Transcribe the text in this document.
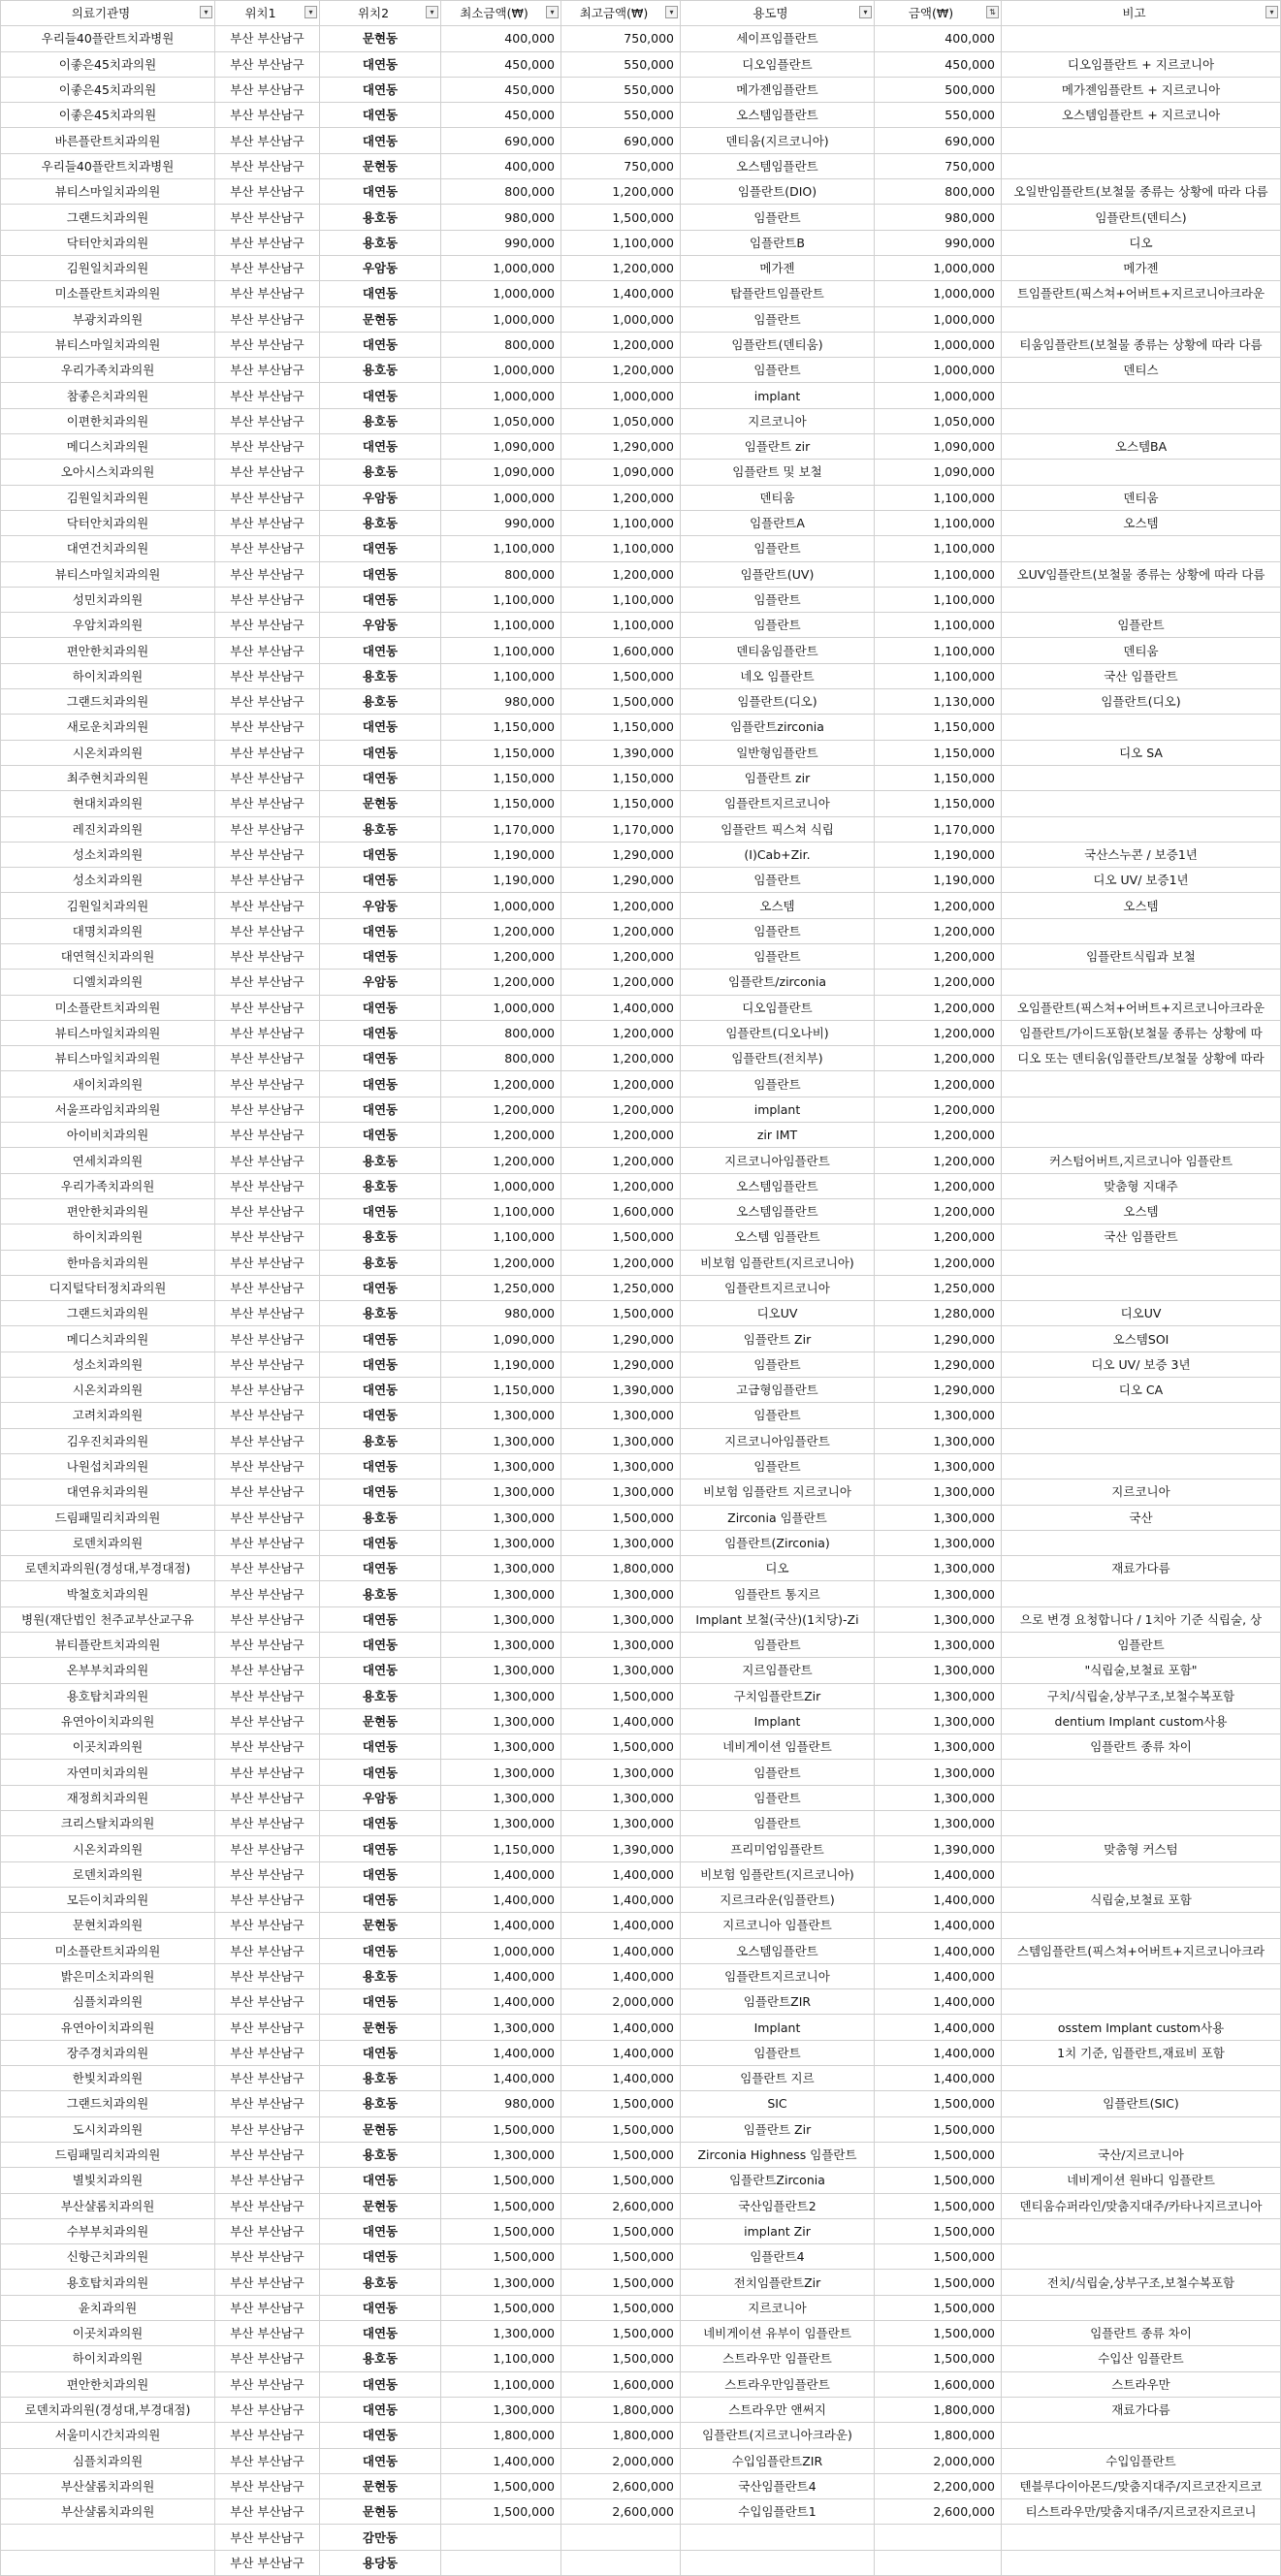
의료기관명 ▾	위치1 ▾	위치2 ▾	최소금액(₩) ▾	최고금액(₩) ▾	용도명 ▾	금액(₩) ⇅	비고 ▾

우리들40플란트치과병원	부산 부산남구	문현동	400,000	750,000	세이프임플란트	400,000	
이좋은45치과의원	부산 부산남구	대연동	450,000	550,000	디오임플란트	450,000	디오임플란트 + 지르코니아
이좋은45치과의원	부산 부산남구	대연동	450,000	550,000	메가젠임플란트	500,000	메가젠임플란트 + 지르코니아
이좋은45치과의원	부산 부산남구	대연동	450,000	550,000	오스템임플란트	550,000	오스템임플란트 + 지르코니아
바른플란트치과의원	부산 부산남구	대연동	690,000	690,000	덴티움(지르코니아)	690,000	
우리들40플란트치과병원	부산 부산남구	문현동	400,000	750,000	오스템임플란트	750,000	
뷰티스마일치과의원	부산 부산남구	대연동	800,000	1,200,000	임플란트(DIO)	800,000	오일반임플란트(보철물 종류는 상황에 따라 다름
그랜드치과의원	부산 부산남구	용호동	980,000	1,500,000	임플란트	980,000	임플란트(덴티스)
닥터안치과의원	부산 부산남구	용호동	990,000	1,100,000	임플란트B	990,000	디오
김원일치과의원	부산 부산남구	우암동	1,000,000	1,200,000	메가젠	1,000,000	메가젠
미소플란트치과의원	부산 부산남구	대연동	1,000,000	1,400,000	탑플란트임플란트	1,000,000	트임플란트(픽스쳐+어버트+지르코니아크라운
부광치과의원	부산 부산남구	문현동	1,000,000	1,000,000	임플란트	1,000,000	
뷰티스마일치과의원	부산 부산남구	대연동	800,000	1,200,000	임플란트(덴티움)	1,000,000	티움임플란트(보철물 종류는 상황에 따라 다름
우리가족치과의원	부산 부산남구	용호동	1,000,000	1,200,000	임플란트	1,000,000	덴티스
참좋은치과의원	부산 부산남구	대연동	1,000,000	1,000,000	implant	1,000,000	
이편한치과의원	부산 부산남구	용호동	1,050,000	1,050,000	지르코니아	1,050,000	
메디스치과의원	부산 부산남구	대연동	1,090,000	1,290,000	임플란트 zir	1,090,000	오스템BA
오아시스치과의원	부산 부산남구	용호동	1,090,000	1,090,000	임플란트 및 보철	1,090,000	
김원일치과의원	부산 부산남구	우암동	1,000,000	1,200,000	덴티움	1,100,000	덴티움
닥터안치과의원	부산 부산남구	용호동	990,000	1,100,000	임플란트A	1,100,000	오스템
대연건치과의원	부산 부산남구	대연동	1,100,000	1,100,000	임플란트	1,100,000	
뷰티스마일치과의원	부산 부산남구	대연동	800,000	1,200,000	임플란트(UV)	1,100,000	오UV임플란트(보철물 종류는 상황에 따라 다름
성민치과의원	부산 부산남구	대연동	1,100,000	1,100,000	임플란트	1,100,000	
우암치과의원	부산 부산남구	우암동	1,100,000	1,100,000	임플란트	1,100,000	임플란트
편안한치과의원	부산 부산남구	대연동	1,100,000	1,600,000	덴티움임플란트	1,100,000	덴티움
하이치과의원	부산 부산남구	용호동	1,100,000	1,500,000	네오 임플란트	1,100,000	국산 임플란트
그랜드치과의원	부산 부산남구	용호동	980,000	1,500,000	임플란트(디오)	1,130,000	임플란트(디오)
새로운치과의원	부산 부산남구	대연동	1,150,000	1,150,000	임플란트zirconia	1,150,000	
시온치과의원	부산 부산남구	대연동	1,150,000	1,390,000	일반형임플란트	1,150,000	디오 SA
최주현치과의원	부산 부산남구	대연동	1,150,000	1,150,000	임플란트 zir	1,150,000	
현대치과의원	부산 부산남구	문현동	1,150,000	1,150,000	임플란트지르코니아	1,150,000	
레진치과의원	부산 부산남구	용호동	1,170,000	1,170,000	임플란트 픽스쳐 식립	1,170,000	
성소치과의원	부산 부산남구	대연동	1,190,000	1,290,000	(I)Cab+Zir.	1,190,000	국산스누콘 / 보증1년
성소치과의원	부산 부산남구	대연동	1,190,000	1,290,000	임플란트	1,190,000	디오 UV/ 보증1년
김원일치과의원	부산 부산남구	우암동	1,000,000	1,200,000	오스템	1,200,000	오스템
대명치과의원	부산 부산남구	대연동	1,200,000	1,200,000	임플란트	1,200,000	
대연혁신치과의원	부산 부산남구	대연동	1,200,000	1,200,000	임플란트	1,200,000	임플란트식립과 보철
디엘치과의원	부산 부산남구	우암동	1,200,000	1,200,000	임플란트/zirconia	1,200,000	
미소플란트치과의원	부산 부산남구	대연동	1,000,000	1,400,000	디오임플란트	1,200,000	오임플란트(픽스쳐+어버트+지르코니아크라운
뷰티스마일치과의원	부산 부산남구	대연동	800,000	1,200,000	임플란트(디오나비)	1,200,000	임플란트/가이드포함(보철물 종류는 상황에 따
뷰티스마일치과의원	부산 부산남구	대연동	800,000	1,200,000	임플란트(전치부)	1,200,000	디오 또는 덴티움(임플란트/보철물 상황에 따라
새이치과의원	부산 부산남구	대연동	1,200,000	1,200,000	임플란트	1,200,000	
서울프라임치과의원	부산 부산남구	대연동	1,200,000	1,200,000	implant	1,200,000	
아이비치과의원	부산 부산남구	대연동	1,200,000	1,200,000	zir IMT	1,200,000	
연세치과의원	부산 부산남구	용호동	1,200,000	1,200,000	지르코니아임플란트	1,200,000	커스텀어버트,지르코니아 임플란트
우리가족치과의원	부산 부산남구	용호동	1,000,000	1,200,000	오스템임플란트	1,200,000	맞춤형 지대주
편안한치과의원	부산 부산남구	대연동	1,100,000	1,600,000	오스템임플란트	1,200,000	오스템
하이치과의원	부산 부산남구	용호동	1,100,000	1,500,000	오스템 임플란트	1,200,000	국산 임플란트
한마음치과의원	부산 부산남구	용호동	1,200,000	1,200,000	비보험 임플란트(지르코니아)	1,200,000	
디지털닥터정치과의원	부산 부산남구	대연동	1,250,000	1,250,000	임플란트지르코니아	1,250,000	
그랜드치과의원	부산 부산남구	용호동	980,000	1,500,000	디오UV	1,280,000	디오UV
메디스치과의원	부산 부산남구	대연동	1,090,000	1,290,000	임플란트 Zir	1,290,000	오스템SOI
성소치과의원	부산 부산남구	대연동	1,190,000	1,290,000	임플란트	1,290,000	디오 UV/ 보증 3년
시온치과의원	부산 부산남구	대연동	1,150,000	1,390,000	고급형임플란트	1,290,000	디오 CA
고려치과의원	부산 부산남구	대연동	1,300,000	1,300,000	임플란트	1,300,000	
김우진치과의원	부산 부산남구	용호동	1,300,000	1,300,000	지르코니아임플란트	1,300,000	
나원섭치과의원	부산 부산남구	대연동	1,300,000	1,300,000	임플란트	1,300,000	
대연유치과의원	부산 부산남구	대연동	1,300,000	1,300,000	비보험 임플란트 지르코니아	1,300,000	지르코니아
드림패밀리치과의원	부산 부산남구	용호동	1,300,000	1,500,000	Zirconia 임플란트	1,300,000	국산
로덴치과의원	부산 부산남구	대연동	1,300,000	1,300,000	임플란트(Zirconia)	1,300,000	
로덴치과의원(경성대,부경대점)	부산 부산남구	대연동	1,300,000	1,800,000	디오	1,300,000	재료가다름
박철호치과의원	부산 부산남구	용호동	1,300,000	1,300,000	임플란트 통지르	1,300,000	
병원(재단법인 천주교부산교구유	부산 부산남구	대연동	1,300,000	1,300,000	Implant 보철(국산)(1치당)-Zi	1,300,000	으로 변경 요청합니다 / 1치아 기준 식립술, 상
뷰티플란트치과의원	부산 부산남구	대연동	1,300,000	1,300,000	임플란트	1,300,000	임플란트
온부부치과의원	부산 부산남구	대연동	1,300,000	1,300,000	지르임플란트	1,300,000	"식립술,보철료 포함"
용호탑치과의원	부산 부산남구	용호동	1,300,000	1,500,000	구치임플란트Zir	1,300,000	구치/식립술,상부구조,보철수복포함
유연아이치과의원	부산 부산남구	문현동	1,300,000	1,400,000	Implant	1,300,000	dentium Implant custom사용
이곳치과의원	부산 부산남구	대연동	1,300,000	1,500,000	네비게이션 임플란트	1,300,000	임플란트 종류 차이
자연미치과의원	부산 부산남구	대연동	1,300,000	1,300,000	임플란트	1,300,000	
재정희치과의원	부산 부산남구	우암동	1,300,000	1,300,000	임플란트	1,300,000	
크리스탈치과의원	부산 부산남구	대연동	1,300,000	1,300,000	임플란트	1,300,000	
시온치과의원	부산 부산남구	대연동	1,150,000	1,390,000	프리미엄임플란트	1,390,000	맞춤형 커스텀
로덴치과의원	부산 부산남구	대연동	1,400,000	1,400,000	비보험 임플란트(지르코니아)	1,400,000	
모든이치과의원	부산 부산남구	대연동	1,400,000	1,400,000	지르크라운(임플란트)	1,400,000	식립술,보철료 포함
문현치과의원	부산 부산남구	문현동	1,400,000	1,400,000	지르코니아 임플란트	1,400,000	
미소플란트치과의원	부산 부산남구	대연동	1,000,000	1,400,000	오스템임플란트	1,400,000	스템임플란트(픽스쳐+어버트+지르코니아크라
밝은미소치과의원	부산 부산남구	용호동	1,400,000	1,400,000	임플란트지르코니아	1,400,000	
심플치과의원	부산 부산남구	대연동	1,400,000	2,000,000	임플란트ZIR	1,400,000	
유연아이치과의원	부산 부산남구	문현동	1,300,000	1,400,000	Implant	1,400,000	osstem Implant custom사용
장주경치과의원	부산 부산남구	대연동	1,400,000	1,400,000	임플란트	1,400,000	1치 기준, 임플란트,재료비 포함
한빛치과의원	부산 부산남구	용호동	1,400,000	1,400,000	임플란트 지르	1,400,000	
그랜드치과의원	부산 부산남구	용호동	980,000	1,500,000	SIC	1,500,000	임플란트(SIC)
도시치과의원	부산 부산남구	문현동	1,500,000	1,500,000	임플란트 Zir	1,500,000	
드림패밀리치과의원	부산 부산남구	용호동	1,300,000	1,500,000	Zirconia Highness 임플란트	1,500,000	국산/지르코니아
별빛치과의원	부산 부산남구	대연동	1,500,000	1,500,000	임플란트Zirconia	1,500,000	네비게이션 원바디 임플란트
부산샬롬치과의원	부산 부산남구	문현동	1,500,000	2,600,000	국산임플란트2	1,500,000	덴티움슈퍼라인/맞춤지대주/카타나지르코니아
수부부치과의원	부산 부산남구	대연동	1,500,000	1,500,000	implant Zir	1,500,000	
신항근치과의원	부산 부산남구	대연동	1,500,000	1,500,000	임플란트4	1,500,000	
용호탑치과의원	부산 부산남구	용호동	1,300,000	1,500,000	전치임플란트Zir	1,500,000	전치/식립술,상부구조,보철수복포함
윤치과의원	부산 부산남구	대연동	1,500,000	1,500,000	지르코니아	1,500,000	
이곳치과의원	부산 부산남구	대연동	1,300,000	1,500,000	네비게이션 유부이 임플란트	1,500,000	임플란트 종류 차이
하이치과의원	부산 부산남구	용호동	1,100,000	1,500,000	스트라우만 임플란트	1,500,000	수입산 임플란트
편안한치과의원	부산 부산남구	대연동	1,100,000	1,600,000	스트라우만임플란트	1,600,000	스트라우만
로덴치과의원(경성대,부경대점)	부산 부산남구	대연동	1,300,000	1,800,000	스트라우만 앤써지	1,800,000	재료가다름
서울미시간치과의원	부산 부산남구	대연동	1,800,000	1,800,000	임플란트(지르코니아크라운)	1,800,000	
심플치과의원	부산 부산남구	대연동	1,400,000	2,000,000	수입임플란트ZIR	2,000,000	수입임플란트
부산샬롬치과의원	부산 부산남구	문현동	1,500,000	2,600,000	국산임플란트4	2,200,000	텐블루다이아몬드/맞춤지대주/지르코잔지르코
부산샬롬치과의원	부산 부산남구	문현동	1,500,000	2,600,000	수입임플란트1	2,600,000	티스트라우만/맞춤지대주/지르코잔지르코니
	부산 부산남구	감만동					
	부산 부산남구	용당동					
